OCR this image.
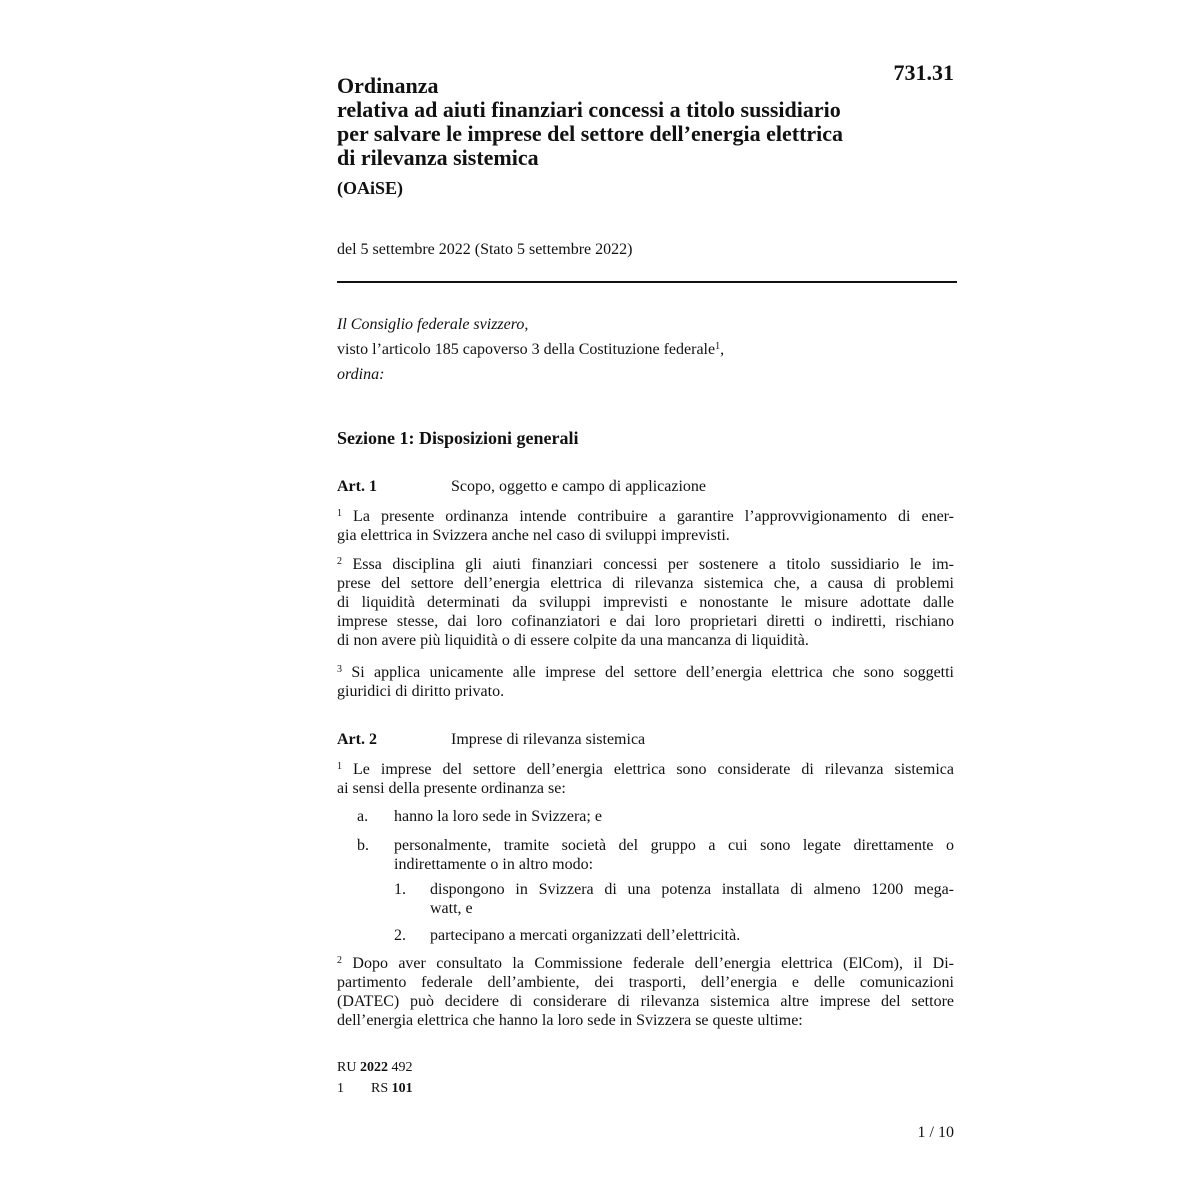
731.31
Ordinanza
relativa ad aiuti finanziari concessi a titolo sussidiario
per salvare le imprese del settore dell’energia elettrica
di rilevanza sistemica
(OAiSE)
del 5 settembre 2022 (Stato 5 settembre 2022)
Il Consiglio federale svizzero,
visto l’articolo 185 capoverso 3 della Costituzione federale$^1$,
ordina:
Sezione 1: Disposizioni generali
Art. 1	Scopo, oggetto e campo di applicazione
$^1$ La presente ordinanza intende contribuire a garantire l’approvvigionamento di ener-
gia elettrica in Svizzera anche nel caso di sviluppi imprevisti.
$^2$ Essa disciplina gli aiuti finanziari concessi per sostenere a titolo sussidiario le im-
prese del settore dell’energia elettrica di rilevanza sistemica che, a causa di problemi
di liquidità determinati da sviluppi imprevisti e nonostante le misure adottate dalle
imprese stesse, dai loro cofinanziatori e dai loro proprietari diretti o indiretti, rischiano
di non avere più liquidità o di essere colpite da una mancanza di liquidità.
$^3$ Si applica unicamente alle imprese del settore dell’energia elettrica che sono soggetti
giuridici di diritto privato.
Art. 2	Imprese di rilevanza sistemica
$^1$ Le imprese del settore dell’energia elettrica sono considerate di rilevanza sistemica
ai sensi della presente ordinanza se:
a. hanno la loro sede in Svizzera; e
b. personalmente, tramite società del gruppo a cui sono legate direttamente o
indirettamente o in altro modo:
1. dispongono in Svizzera di una potenza installata di almeno 1200 mega-
watt, e
2. partecipano a mercati organizzati dell’elettricità.
$^2$ Dopo aver consultato la Commissione federale dell’energia elettrica (ElCom), il Di-
partimento federale dell’ambiente, dei trasporti, dell’energia e delle comunicazioni
(DATEC) può decidere di considerare di rilevanza sistemica altre imprese del settore
dell’energia elettrica che hanno la loro sede in Svizzera se queste ultime:
RU 2022 492
1 RS 101
1 / 10
